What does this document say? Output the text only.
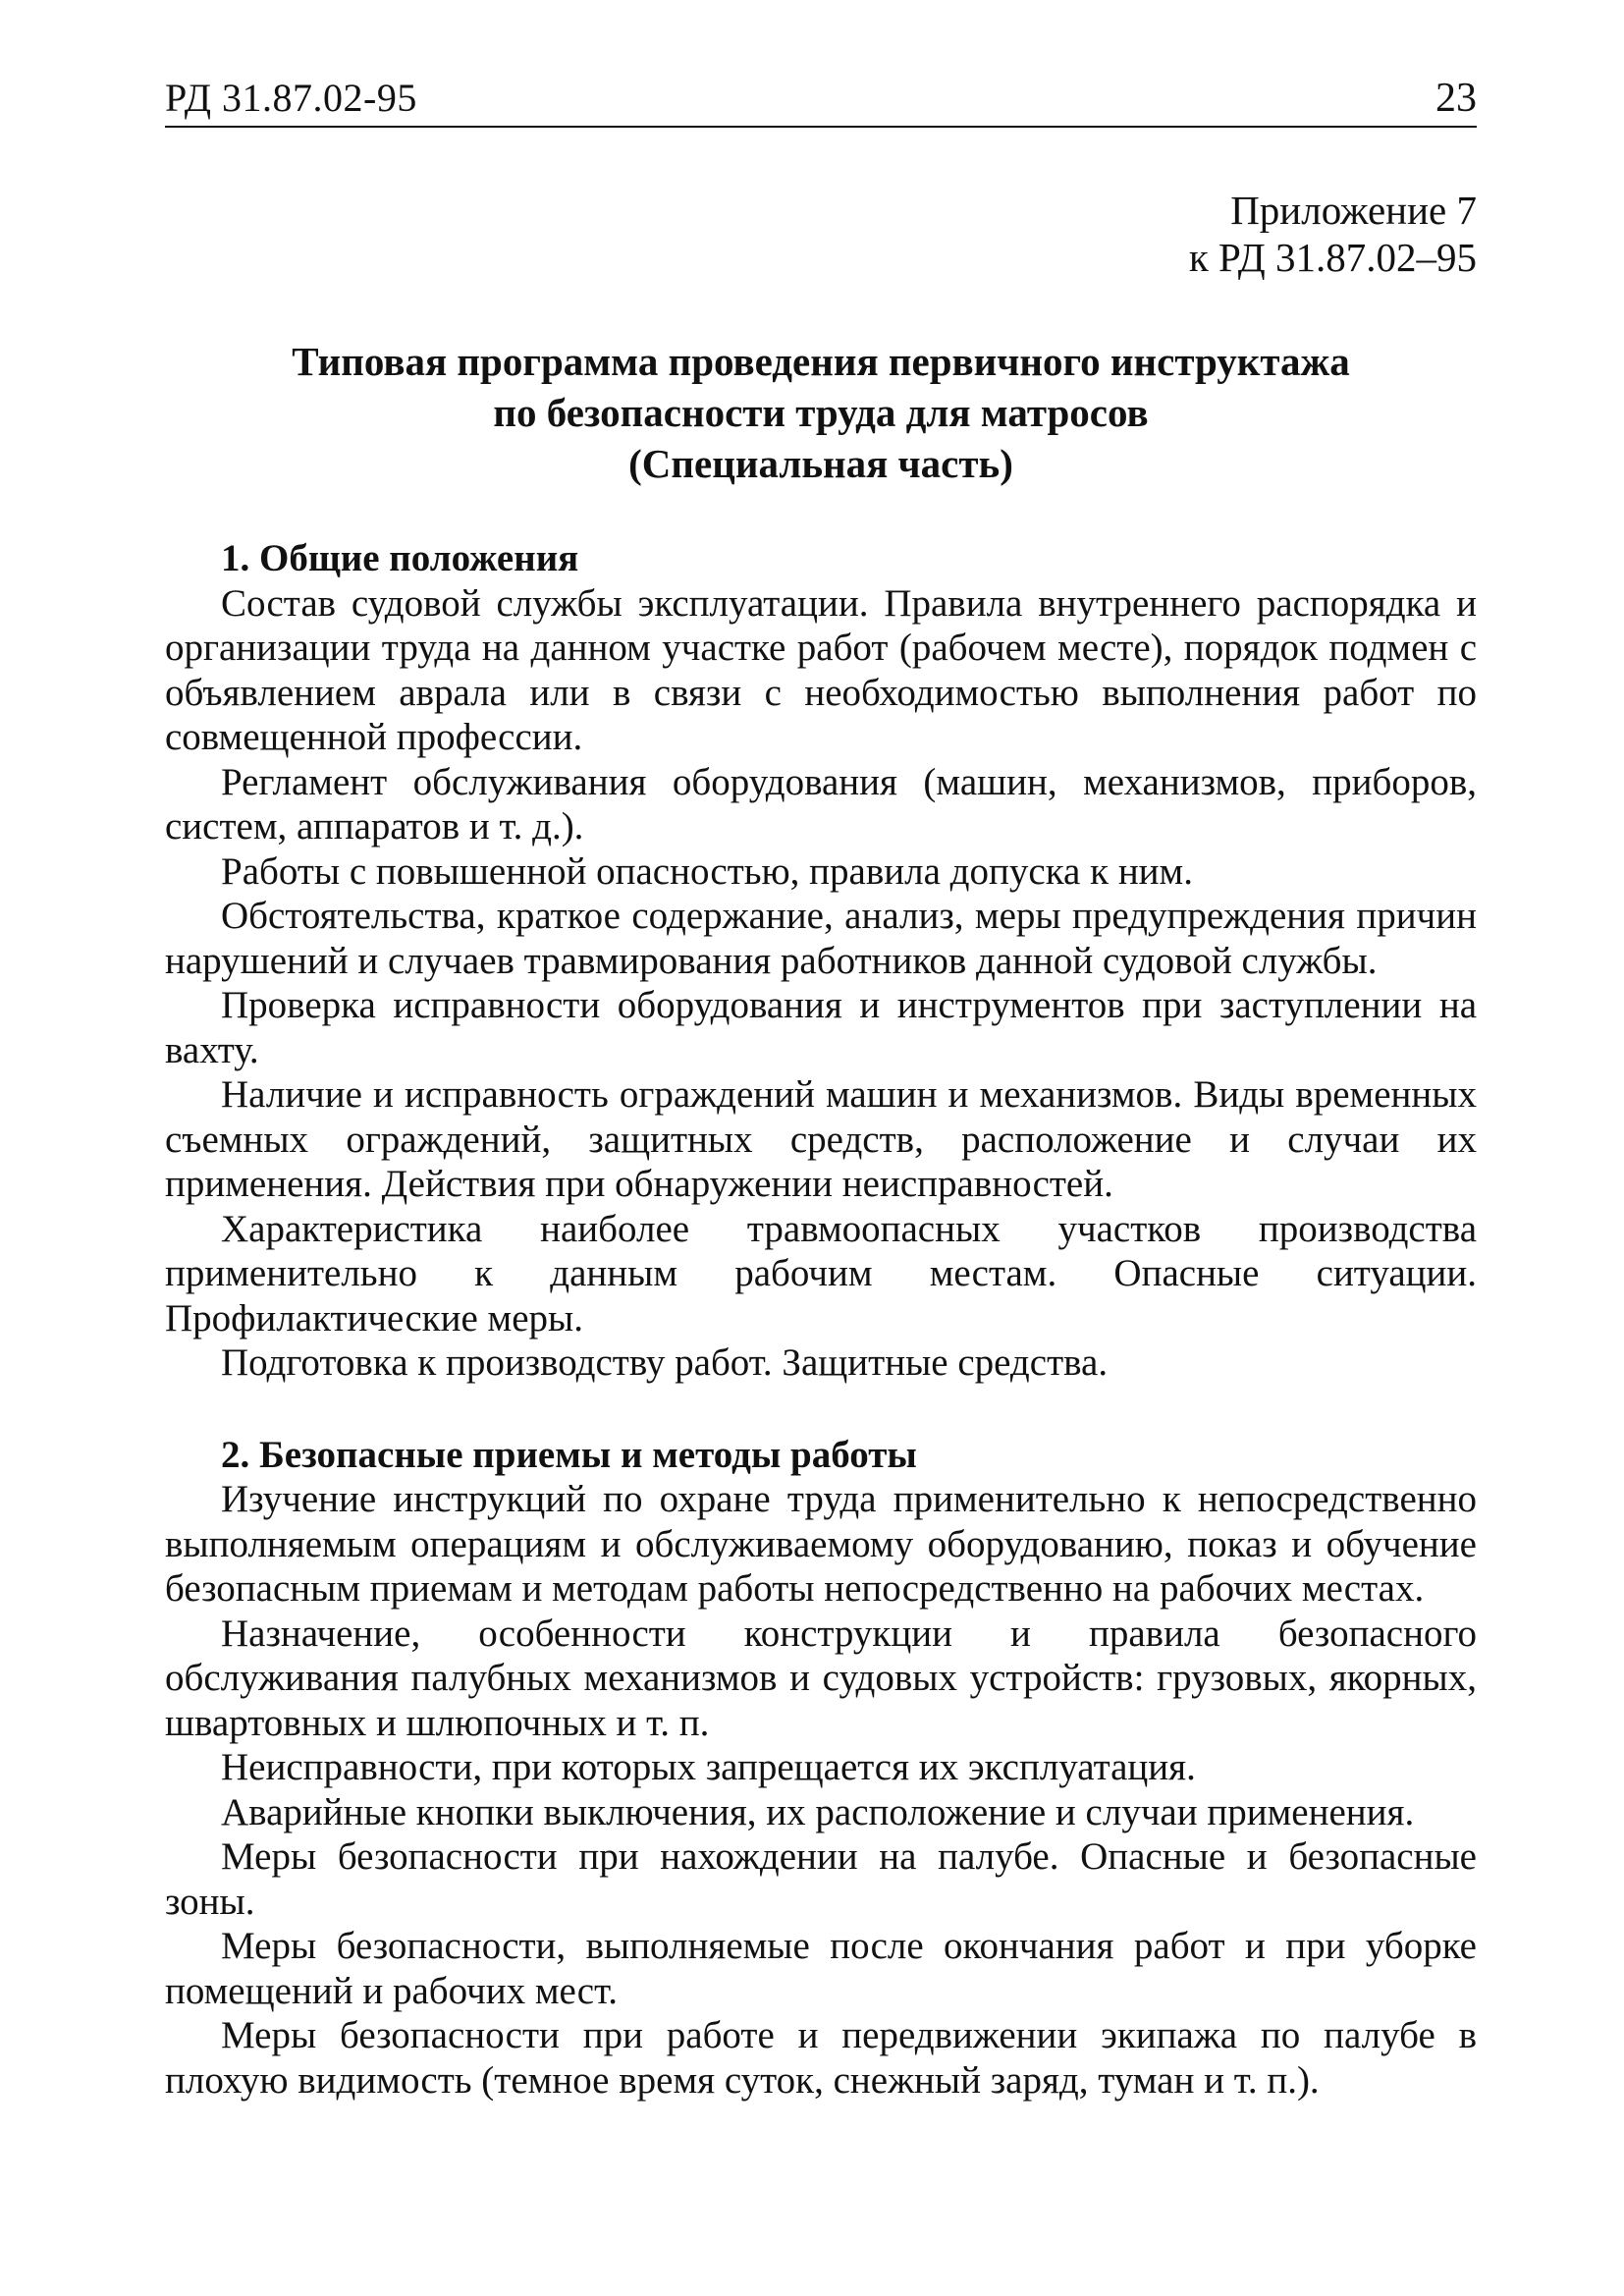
РД 31.87.02-95	23
Приложение 7
к РД 31.87.02–95
Типовая программа проведения первичного инструктажа
по безопасности труда для матросов
(Специальная часть)
1. Общие положения

Состав судовой службы эксплуатации. Правила внутреннего распорядка и организации труда на данном участке работ (рабочем месте), порядок подмен с объявлением аврала или в связи с необходимостью выполнения работ по совмещенной профессии.

Регламент обслуживания оборудования (машин, механизмов, приборов, систем, аппаратов и т. д.).

Работы с повышенной опасностью, правила допуска к ним.

Обстоятельства, краткое содержание, анализ, меры предупреждения причин нарушений и случаев травмирования работников данной судовой службы.

Проверка исправности оборудования и инструментов при заступлении на вахту.

Наличие и исправность ограждений машин и механизмов. Виды временных съемных ограждений, защитных средств, расположение и случаи их применения. Действия при обнаружении неисправностей.

Характеристика наиболее травмоопасных участков производства применительно к данным рабочим местам. Опасные ситуации. Профилактические меры.

Подготовка к производству работ. Защитные средства.

2. Безопасные приемы и методы работы

Изучение инструкций по охране труда применительно к непосредственно выполняемым операциям и обслуживаемому оборудованию, показ и обучение безопасным приемам и методам работы непосредственно на рабочих местах.

Назначение, особенности конструкции и правила безопасного обслуживания палубных механизмов и судовых устройств: грузовых, якорных, швартовных и шлюпочных и т. п.

Неисправности, при которых запрещается их эксплуатация.

Аварийные кнопки выключения, их расположение и случаи применения.

Меры безопасности при нахождении на палубе. Опасные и безопасные зоны.

Меры безопасности, выполняемые после окончания работ и при уборке помещений и рабочих мест.

Меры безопасности при работе и передвижении экипажа по палубе в плохую видимость (темное время суток, снежный заряд, туман и т. п.).
